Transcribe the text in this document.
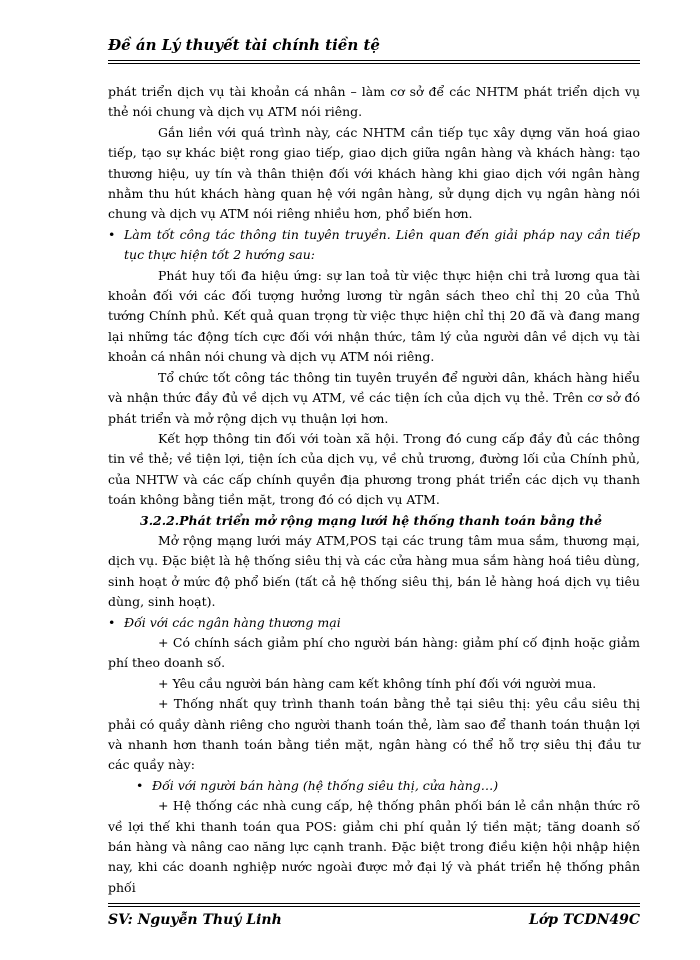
Đề án Lý thuyết tài chính tiền tệ

phát triển dịch vụ tài khoản cá nhân – làm cơ sở để các NHTM phát triển dịch vụ thẻ nói chung và dịch vụ ATM nói riêng.

Gắn liền với quá trình này, các NHTM cần tiếp tục xây dựng văn hoá giao tiếp, tạo sự khác biệt rong giao tiếp, giao dịch giữa ngân hàng và khách hàng: tạo thương hiệu, uy tín và thân thiện đối với khách hàng khi giao dịch với ngân hàng nhằm thu hút khách hàng quan hệ với ngân hàng, sử dụng dịch vụ ngân hàng nói chung và dịch vụ ATM nói riêng nhiều hơn, phổ biến hơn.

• Làm tốt công tác thông tin tuyên truyền. Liên quan đến giải pháp nay cần tiếp tục thực hiện tốt 2 hướng sau:

Phát huy tối đa hiệu ứng: sự lan toả từ việc thực hiện chi trả lương qua tài khoản đối với các đối tượng hưởng lương từ ngân sách theo chỉ thị 20 của Thủ tướng Chính phủ. Kết quả quan trọng từ việc thực hiện chỉ thị 20 đã và đang mang lại những tác động tích cực đối với nhận thức, tâm lý của người dân về dịch vụ tài khoản cá nhân nói chung và dịch vụ ATM nói riêng.

Tổ chức tốt công tác thông tin tuyên truyền để người dân, khách hàng hiểu và nhận thức đầy đủ về dịch vụ ATM, về các tiện ích của dịch vụ thẻ. Trên cơ sở đó phát triển và mở rộng dịch vụ thuận lợi hơn.

Kết hợp thông tin đối với toàn xã hội. Trong đó cung cấp đầy đủ các thông tin về thẻ; về tiện lợi, tiện ích của dịch vụ, về chủ trương, đường lối của Chính phủ, của NHTW và các cấp chính quyền địa phương trong phát triển các dịch vụ thanh toán không bằng tiền mặt, trong đó có dịch vụ ATM.

3.2.2.Phát triển mở rộng mạng lưới hệ thống thanh toán bằng thẻ

Mở rộng mạng lưới máy ATM,POS tại các trung tâm mua sắm, thương mại, dịch vụ. Đặc biệt là hệ thống siêu thị và các cửa hàng mua sắm hàng hoá tiêu dùng, sinh hoạt ở mức độ phổ biến (tất cả hệ thống siêu thị, bán lẻ hàng hoá dịch vụ tiêu dùng, sinh hoạt).

• Đối với các ngân hàng thương mại

+ Có chính sách giảm phí cho người bán hàng: giảm phí cố định hoặc giảm phí theo doanh số.

+ Yêu cầu người bán hàng cam kết không tính phí đối với người mua.

+ Thống nhất quy trình thanh toán bằng thẻ tại siêu thị: yêu cầu siêu thị phải có quầy dành riêng cho người thanh toán thẻ, làm sao để thanh toán thuận lợi và nhanh hơn thanh toán bằng tiền mặt, ngân hàng có thể hỗ trợ siêu thị đầu tư các quầy này:

• Đối với người bán hàng (hệ thống siêu thị, cửa hàng…)

+ Hệ thống các nhà cung cấp, hệ thống phân phối bán lẻ cần nhận thức rõ về lợi thế khi thanh toán qua POS: giảm chi phí quản lý tiền mặt; tăng doanh số bán hàng và nâng cao năng lực cạnh tranh. Đặc biệt trong điều kiện hội nhập hiện nay, khi các doanh nghiệp nước ngoài được mở đại lý và phát triển hệ thống phân phối

SV: Nguyễn Thuý Linh	Lớp TCDN49C
